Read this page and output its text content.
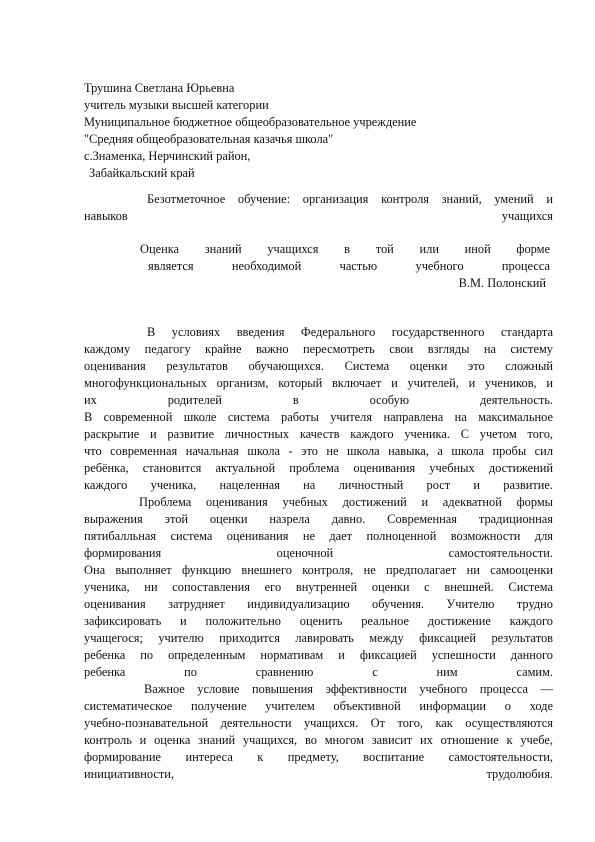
Трушина Светлана Юрьевна
учитель музыки высшей категории
Муниципальное бюджетное общеобразовательное учреждение
"Средняя общеобразовательная казачья школа"
с.Знаменка, Нерчинский район,
Забайкальский край
Безотметочное обучение: организация контроля знаний, умений и
навыков	учащихся
Оценка знаний учащихся в той или иной форме
является необходимой частью учебного процесса
В.М. Полонский
В условиях введения Федерального государственного стандарта
каждому педагогу крайне важно пересмотреть свои взгляды на систему
оценивания результатов обучающихся. Система оценки это сложный
многофункциональных организм, который включает и учителей, и учеников, и
их родителей в особую деятельность.
В современной школе система работы учителя направлена на максимальное
раскрытие и развитие личностных качеств каждого ученика. С учетом того,
что современная начальная школа - это не школа навыка, а школа пробы сил
ребёнка, становится актуальной проблема оценивания учебных достижений
каждого ученика, нацеленная на личностный рост и развитие.
Проблема оценивания учебных достижений и адекватной формы
выражения этой оценки назрела давно. Современная традиционная
пятибалльная система оценивания не дает полноценной возможности для
формирования оценочной самостоятельности.
Она выполняет функцию внешнего контроля, не предполагает ни самооценки
ученика, ни сопоставления его внутренней оценки с внешней. Система
оценивания затрудняет индивидуализацию обучения. Учителю трудно
зафиксировать и положительно оценить реальное достижение каждого
учащегося; учителю приходится лавировать между фиксацией результатов
ребенка по определенным нормативам и фиксацией успешности данного
ребенка по сравнению с ним самим.
Важное условие повышения эффективности учебного процесса —
систематическое получение учителем объективной информации о ходе
учебно-познавательной деятельности учащихся. От того, как осуществляются
контроль и оценка знаний учащихся, во многом зависит их отношение к учебе,
формирование интереса к предмету, воспитание самостоятельности,
инициативности, трудолюбия.
